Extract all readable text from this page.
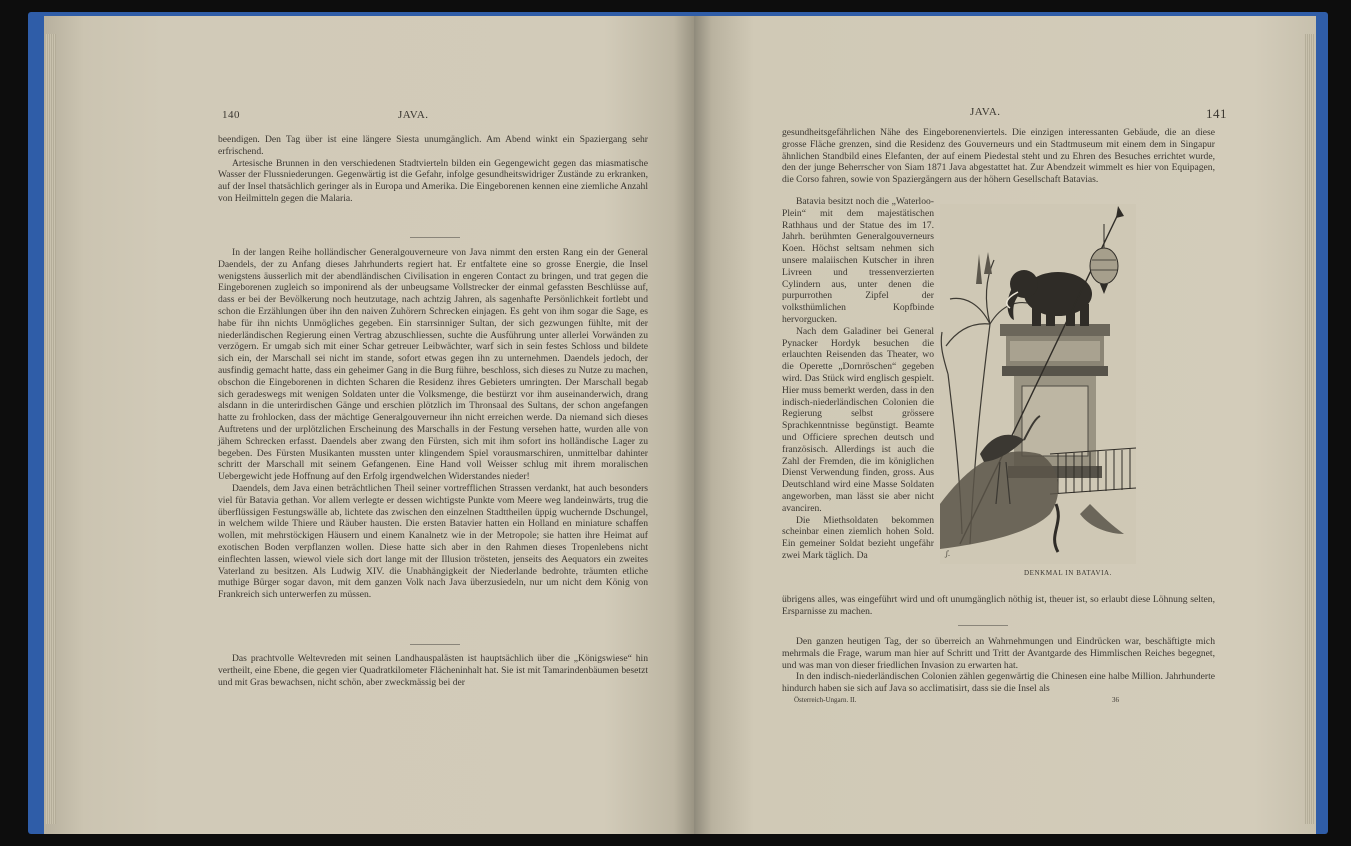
140	JAVA.

beendigen. Den Tag über ist eine längere Siesta unumgänglich. Am Abend winkt ein Spaziergang sehr erfrischend.

Artesische Brunnen in den verschiedenen Stadtvierteln bilden ein Gegengewicht gegen das miasmatische Wasser der Flussniederungen. Gegenwärtig ist die Gefahr, infolge gesundheitswidriger Zustände zu erkranken, auf der Insel thatsächlich geringer als in Europa und Amerika. Die Eingeborenen kennen eine ziemliche Anzahl von Heilmitteln gegen die Malaria.

In der langen Reihe holländischer Generalgouverneure von Java nimmt den ersten Rang ein der General Daendels, der zu Anfang dieses Jahrhunderts regiert hat. Er entfaltete eine so grosse Energie, die Insel wenigstens äusserlich mit der abendländischen Civilisation in engeren Contact zu bringen, und trat gegen die Eingeborenen zugleich so imponirend als der unbeugsame Vollstrecker der einmal gefassten Beschlüsse auf, dass er bei der Bevölkerung noch heutzutage, nach achtzig Jahren, als sagenhafte Persönlichkeit fortlebt und schon die Erzählungen über ihn den naiven Zuhörern Schrecken einjagen. Es geht von ihm sogar die Sage, es habe für ihn nichts Unmögliches gegeben. Ein starrsinniger Sultan, der sich gezwungen fühlte, mit der niederländischen Regierung einen Vertrag abzuschliessen, suchte die Ausführung unter allerlei Vorwänden zu verzögern. Er umgab sich mit einer Schar getreuer Leibwächter, warf sich in sein festes Schloss und bildete sich ein, der Marschall sei nicht im stande, sofort etwas gegen ihn zu unternehmen. Daendels jedoch, der ausfindig gemacht hatte, dass ein geheimer Gang in die Burg führe, beschloss, sich dieses zu Nutze zu machen, obschon die Eingeborenen in dichten Scharen die Residenz ihres Gebieters umringten. Der Marschall begab sich geradeswegs mit wenigen Soldaten unter die Volksmenge, die bestürzt vor ihm auseinanderwich, drang alsdann in die unterirdischen Gänge und erschien plötzlich im Thronsaal des Sultans, der schon angefangen hatte zu frohlocken, dass der mächtige Generalgouverneur ihn nicht erreichen werde. Da niemand sich dieses Auftretens und der urplötzlichen Erscheinung des Marschalls in der Festung versehen hatte, wurden alle von jähem Schrecken erfasst. Daendels aber zwang den Fürsten, sich mit ihm sofort ins holländische Lager zu begeben. Des Fürsten Musikanten mussten unter klingendem Spiel vorausmarschiren, unmittelbar dahinter schritt der Marschall mit seinem Gefangenen. Eine Hand voll Weisser schlug mit ihrem moralischen Uebergewicht jede Hoffnung auf den Erfolg irgendwelchen Widerstandes nieder!

Daendels, dem Java einen beträchtlichen Theil seiner vortrefflichen Strassen verdankt, hat auch besonders viel für Batavia gethan. Vor allem verlegte er dessen wichtigste Punkte vom Meere weg landeinwärts, trug die überflüssigen Festungswälle ab, lichtete das zwischen den einzelnen Stadttheilen üppig wuchernde Dschungel, in welchem wilde Thiere und Räuber hausten. Die ersten Batavier hatten ein Holland en miniature schaffen wollen, mit mehrstöckigen Häusern und einem Kanalnetz wie in der Metropole; sie hatten ihre Heimat auf exotischen Boden verpflanzen wollen. Diese hatte sich aber in den Rahmen dieses Tropenlebens nicht einflechten lassen, wiewol viele sich dort lange mit der Illusion trösteten, jenseits des Aequators ein zweites Vaterland zu besitzen. Als Ludwig XIV. die Unabhängigkeit der Niederlande bedrohte, träumten etliche muthige Bürger sogar davon, mit dem ganzen Volk nach Java überzusiedeln, nur um nicht dem König von Frankreich sich unterwerfen zu müssen.

Das prachtvolle Weltevreden mit seinen Landhauspalästen ist hauptsächlich über die „Königswiese“ hin vertheilt, eine Ebene, die gegen vier Quadratkilometer Flächeninhalt hat. Sie ist mit Tamarindenbäumen besetzt und mit Gras bewachsen, nicht schön, aber zweckmässig bei der

JAVA.	141

gesundheitsgefährlichen Nähe des Eingeborenenviertels. Die einzigen interessanten Gebäude, die an diese grosse Fläche grenzen, sind die Residenz des Gouverneurs und ein Stadtmuseum mit einem dem in Singapur ähnlichen Standbild eines Elefanten, der auf einem Piedestal steht und zu Ehren des Besuches errichtet wurde, den der junge Beherrscher von Siam 1871 Java abgestattet hat. Zur Abendzeit wimmelt es hier von Equipagen, die Corso fahren, sowie von Spaziergängern aus der höhern Gesellschaft Batavias.

Batavia besitzt noch die „Waterloo-Plein“ mit dem majestätischen Rathhaus und der Statue des im 17. Jahrh. berühmten Generalgouverneurs Koen. Höchst seltsam nehmen sich unsere malaiischen Kutscher in ihren Livreen und tressenverzierten Cylindern aus, unter denen die purpurrothen Zipfel der volksthümlichen Kopfbinde hervorgucken.

Nach dem Galadiner bei General Pynacker Hordyk besuchen die erlauchten Reisenden das Theater, wo die Operette „Dornröschen“ gegeben wird. Das Stück wird englisch gespielt. Hier muss bemerkt werden, dass in den indisch-niederländischen Colonien die Regierung selbst grössere Sprachkenntnisse begünstigt. Beamte und Officiere sprechen deutsch und französisch. Allerdings ist auch die Zahl der Fremden, die im königlichen Dienst Verwendung finden, gross. Aus Deutschland wird eine Masse Soldaten angeworben, man lässt sie aber nicht avanciren.

Die Miethsoldaten bekommen scheinbar einen ziemlich hohen Sold. Ein gemeiner Soldat bezieht ungefähr zwei Mark täglich. Da	ʃ.
DENKMAL IN BATAVIA.

übrigens alles, was eingeführt wird und oft unumgänglich nöthig ist, theuer ist, so erlaubt diese Löhnung selten, Ersparnisse zu machen.

Den ganzen heutigen Tag, der so überreich an Wahrnehmungen und Eindrücken war, beschäftigte mich mehrmals die Frage, warum man hier auf Schritt und Tritt der Avantgarde des Himmlischen Reiches begegnet, und was man von dieser friedlichen Invasion zu erwarten hat.

In den indisch-niederländischen Colonien zählen gegenwärtig die Chinesen eine halbe Million. Jahrhunderte hindurch haben sie sich auf Java so acclimatisirt, dass sie die Insel als

Österreich-Ungarn. II.	36
